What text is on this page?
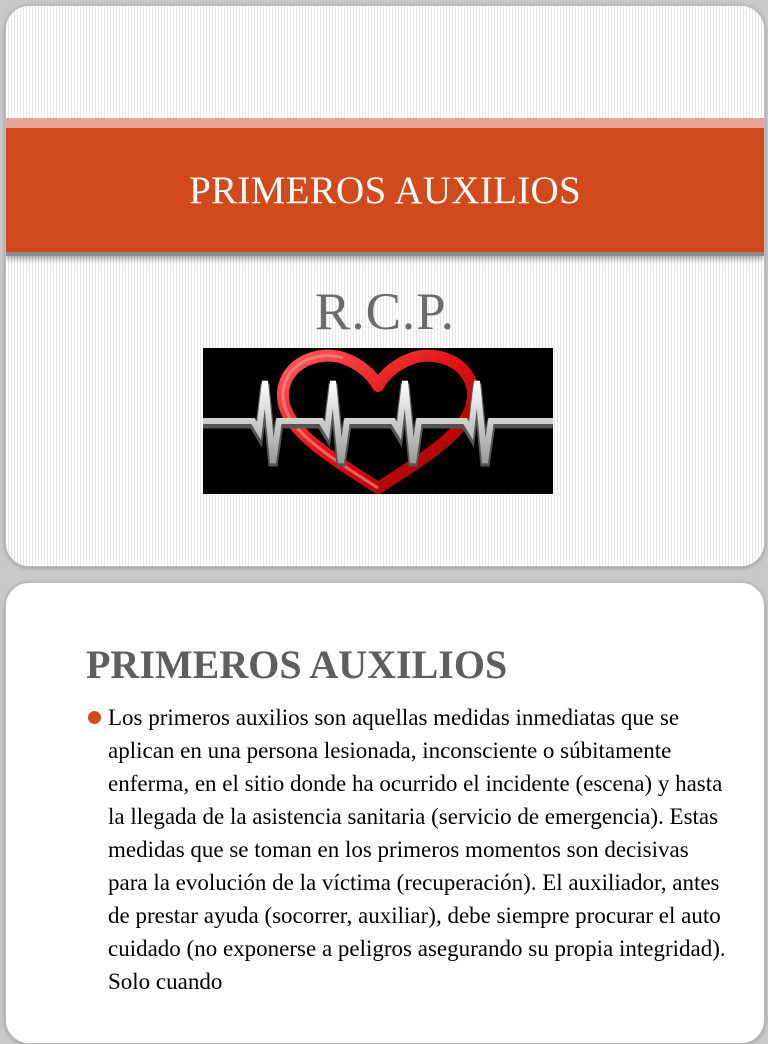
PRIMEROS AUXILIOS
R.C.P.
PRIMEROS AUXILIOS

Los primeros auxilios son aquellas medidas inmediatas que se aplican en una persona lesionada, inconsciente o súbitamente enferma, en el sitio donde ha ocurrido el incidente (escena) y hasta la llegada de la asistencia sanitaria (servicio de emergencia). Estas medidas que se toman en los primeros momentos son decisivas para la evolución de la víctima (recuperación). El auxiliador, antes de prestar ayuda (socorrer, auxiliar), debe siempre procurar el auto cuidado (no exponerse a peligros asegurando su propia integridad). Solo cuando
